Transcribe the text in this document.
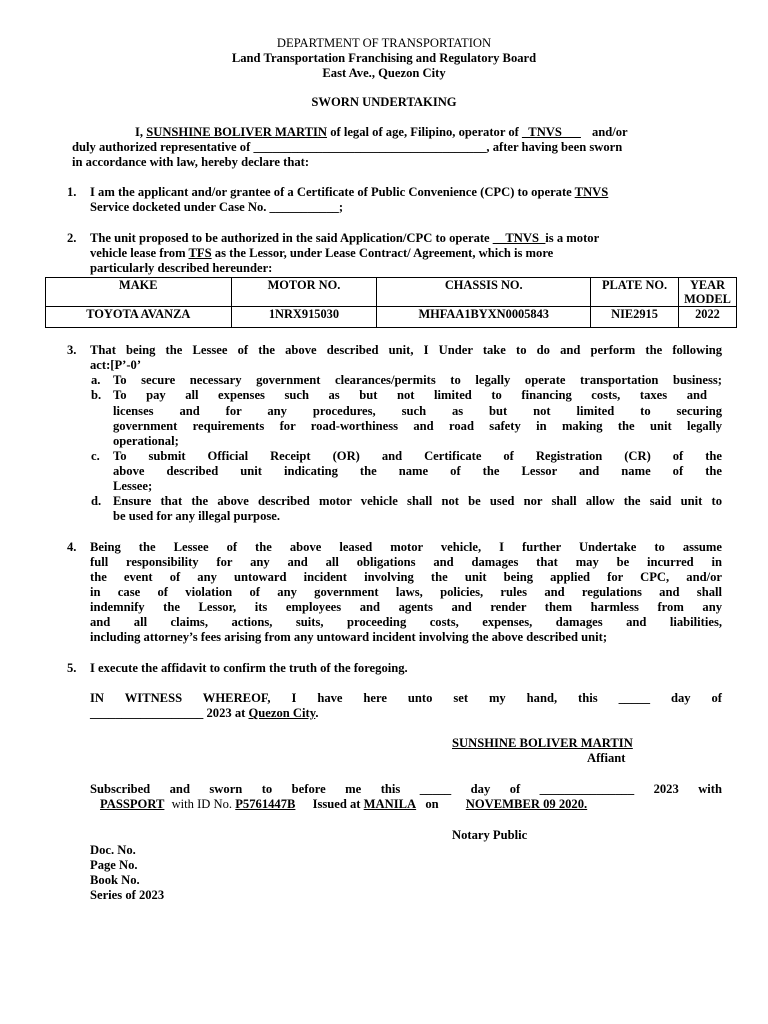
DEPARTMENT OF TRANSPORTATION
Land Transportation Franchising and Regulatory Board
East Ave., Quezon City
SWORN UNDERTAKING
I, SUNSHINE BOLIVER MARTIN of legal of age, Filipino, operator of _TNVS___ and/or
duly authorized representative of _____________________________________, after having been sworn
in accordance with law, hereby declare that:
1. I am the applicant and/or grantee of a Certificate of Public Convenience (CPC) to operate TNVS
Service docketed under Case No. ___________;
2. The unit proposed to be authorized in the said Application/CPC to operate __TNVS_is a motor
vehicle lease from TFS as the Lessor, under Lease Contract/ Agreement, which is more
particularly described hereunder:
MAKE	MOTOR NO.	CHASSIS NO.	PLATE NO.	YEAR MODEL
TOYOTA AVANZA	1NRX915030	MHFAA1BYXN0005843	NIE2915	2022
3. That being the Lessee of the above described unit, I Under take to do and perform the following
act:[P’-0’
a. To secure necessary government clearances/permits to legally operate transportation business;
b. To pay all expenses such as but not limited to financing costs, taxes and
licenses and for any procedures, such as but not limited to securing
government requirements for road-worthiness and road safety in making the unit legally
operational;
c. To submit Official Receipt (OR) and Certificate of Registration (CR) of the
above described unit indicating the name of the Lessor and name of the
Lessee;
d. Ensure that the above described motor vehicle shall not be used nor shall allow the said unit to
be used for any illegal purpose.
4. Being the Lessee of the above leased motor vehicle, I further Undertake to assume
full responsibility for any and all obligations and damages that may be incurred in
the event of any untoward incident involving the unit being applied for CPC, and/or
in case of violation of any government laws, policies, rules and regulations and shall
indemnify the Lessor, its employees and agents and render them harmless from any
and all claims, actions, suits, proceeding costs, expenses, damages and liabilities,
including attorney’s fees arising from any untoward incident involving the above described unit;
5. I execute the affidavit to confirm the truth of the foregoing.
IN WITNESS WHEREOF, I have here unto set my hand, this _____ day of
__________________ 2023 at Quezon City.
SUNSHINE BOLIVER MARTIN
Affiant
Subscribed and sworn to before me this _____ day of _______________ 2023 with
PASSPORT with ID No. P5761447B Issued at MANILA on NOVEMBER 09 2020.
Notary Public
Doc. No.
Page No.
Book No.
Series of 2023
